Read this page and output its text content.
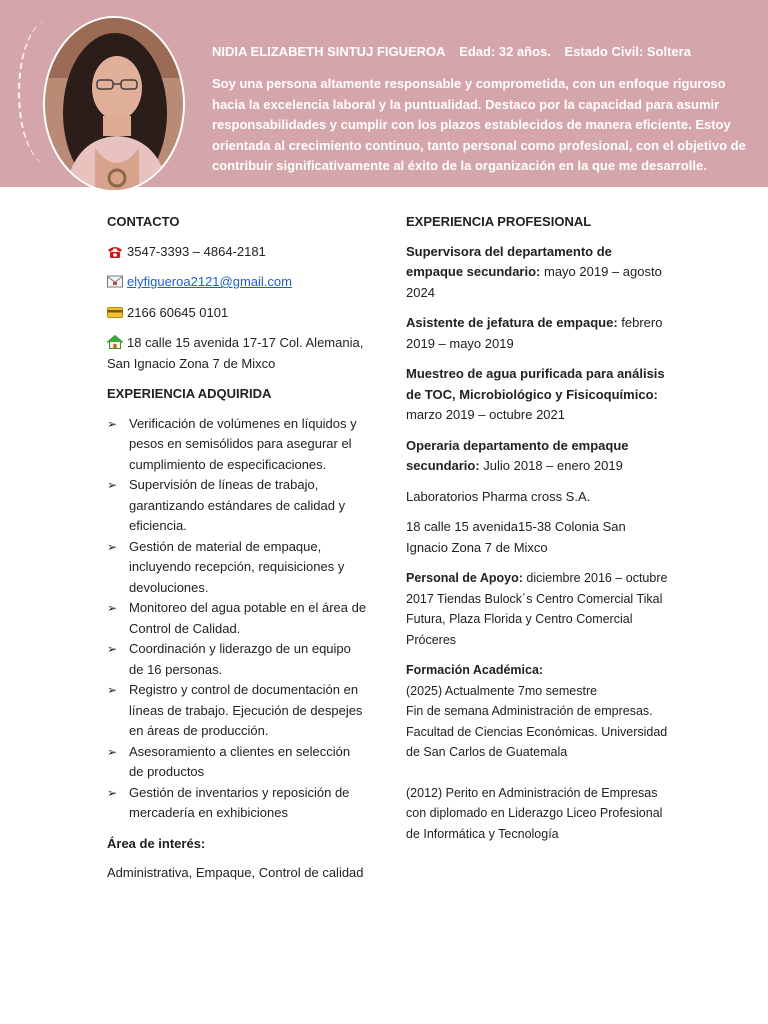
NIDIA ELIZABETH SINTUJ FIGUEROA Edad: 32 años. Estado Civil: Soltera
Soy una persona altamente responsable y comprometida, con un enfoque riguroso hacia la excelencia laboral y la puntualidad. Destaco por la capacidad para asumir responsabilidades y cumplir con los plazos establecidos de manera eficiente. Estoy orientada al crecimiento continuo, tanto personal como profesional, con el objetivo de contribuir significativamente al éxito de la organización en la que me desarrolle.
CONTACTO
3547-3393 – 4864-2181
elyfigueroa2121@gmail.com
2166 60645 0101
18 calle 15 avenida 17-17 Col. Alemania, San Ignacio Zona 7 de Mixco
EXPERIENCIA ADQUIRIDA
➢ Verificación de volúmenes en líquidos y pesos en semisólidos para asegurar el cumplimiento de especificaciones.
➢ Supervisión de líneas de trabajo, garantizando estándares de calidad y eficiencia.
➢ Gestión de material de empaque, incluyendo recepción, requisiciones y devoluciones.
➢ Monitoreo del agua potable en el área de Control de Calidad.
➢ Coordinación y liderazgo de un equipo de 16 personas.
➢ Registro y control de documentación en líneas de trabajo. Ejecución de despejes en áreas de producción.
➢ Asesoramiento a clientes en selección de productos
➢ Gestión de inventarios y reposición de mercadería en exhibiciones
Área de interés:
Administrativa, Empaque, Control de calidad
EXPERIENCIA PROFESIONAL
Supervisora del departamento de empaque secundario: mayo 2019 – agosto 2024
Asistente de jefatura de empaque: febrero 2019 – mayo 2019
Muestreo de agua purificada para análisis de TOC, Microbiológico y Fisicoquímico: marzo 2019 – octubre 2021
Operaria departamento de empaque secundario: Julio 2018 – enero 2019
Laboratorios Pharma cross S.A.
18 calle 15 avenida15-38 Colonia San Ignacio Zona 7 de Mixco
Personal de Apoyo: diciembre 2016 – octubre 2017 Tiendas Bulock´s Centro Comercial Tikal Futura, Plaza Florida y Centro Comercial Próceres
Formación Académica:
(2025) Actualmente 7mo semestre
Fin de semana Administración de empresas. Facultad de Ciencias Económicas. Universidad de San Carlos de Guatemala
(2012) Perito en Administración de Empresas con diplomado en Liderazgo Liceo Profesional de Informática y Tecnología
